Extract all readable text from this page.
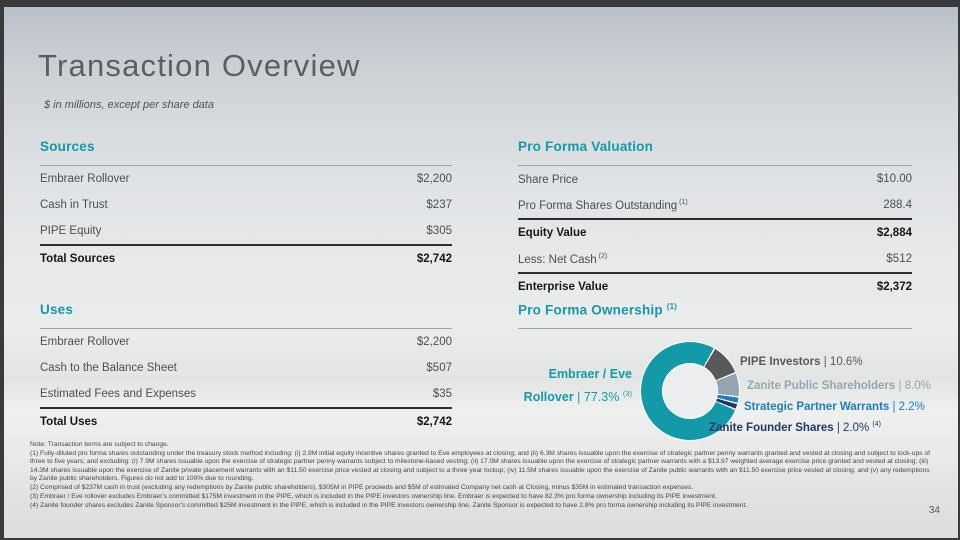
Transaction Overview
$ in millions, except per share data
Sources
Embraer Rollover	$2,200
Cash in Trust	$237
PIPE Equity	$305
Total Sources	$2,742
Uses
Embraer Rollover	$2,200
Cash to the Balance Sheet	$507
Estimated Fees and Expenses	$35
Total Uses	$2,742
Pro Forma Valuation
Share Price	$10.00
Pro Forma Shares Outstanding $^{(1)}$	288.4
Equity Value	$2,884
Less: Net Cash $^{(2)}$	$512
Enterprise Value	$2,372
Pro Forma Ownership $^{(1)}$
Embraer / Eve
Rollover | 77.3% $^{(3)}$
PIPE Investors | 10.6%
Zanite Public Shareholders | 8.0%
Strategic Partner Warrants | 2.2%
Zanite Founder Shares | 2.0% $^{(4)}$
Note: Transaction terms are subject to change.
(1) Fully-diluted pro forma shares outstanding under the treasury stock method including: (i) 2.9M initial equity incentive shares granted to Eve employees at closing; and (ii) 6.3M shares issuable upon the exercise of strategic partner penny warrants granted and vested at closing and subject to lock-ups of three to five years; and excluding: (i) 7.9M shares issuable upon the exercise of strategic partner penny warrants subject to milestone-based vesting; (ii) 17.0M shares issuable upon the exercise of strategic partner warrants with a $13.97 weighted average exercise price granted and vested at closing; (iii) 14.3M shares issuable upon the exercise of Zanite private placement warrants with an $11.50 exercise price vested at closing and subject to a three year lockup; (iv) 11.5M shares issuable upon the exercise of Zanite public warrants with an $11.50 exercise price vested at closing; and (v) any redemptions by Zanite public shareholders. Figures do not add to 100% due to rounding.
(2) Comprised of $237M cash in trust (excluding any redemptions by Zanite public shareholders), $305M in PIPE proceeds and $5M of estimated Company net cash at Closing, minus $35M in estimated transaction expenses.
(3) Embraer / Eve rollover excludes Embraer's committed $175M investment in the PIPE, which is included in the PIPE investors ownership line. Embraer is expected to have 82.3% pro forma ownership including its PIPE investment.
(4) Zanite founder shares excludes Zanite Sponsor's committed $25M investment in the PIPE, which is included in the PIPE investors ownership line. Zanite Sponsor is expected to have 2.9% pro forma ownership including its PIPE investment.	34
